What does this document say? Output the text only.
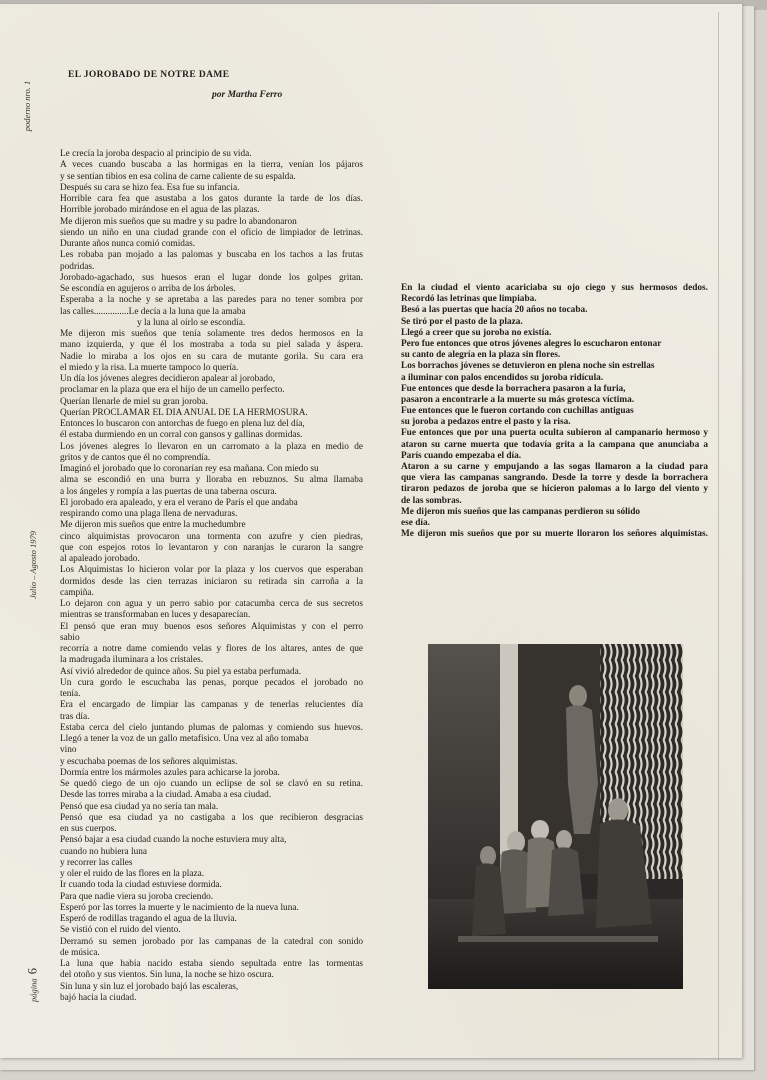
poderno nro. 1
Julio – Agosto 1979
página 6
EL JOROBADO DE NOTRE DAME
por Martha Ferro
Le crecía la joroba despacio al principio de su vida.
A veces cuando buscaba a las hormigas en la tierra, venían los pájaros
y se sentían tibios en esa colina de carne caliente de su espalda.
Después su cara se hizo fea. Esa fue su infancia.
Horrible cara fea que asustaba a los gatos durante la tarde de los días.
Horrible jorobado mirándose en el agua de las plazas.
Me dijeron mis sueños que su madre y su padre lo abandonaron
siendo un niño en una ciudad grande con el oficio de limpiador de letrinas.
Durante años nunca comió comidas.
Les robaba pan mojado a las palomas y buscaba en los tachos a las frutas
podridas.
Jorobado-agachado, sus huesos eran el lugar donde los golpes gritan.
Se escondía en agujeros o arriba de los árboles.
Esperaba a la noche y se apretaba a las paredes para no tener sombra por
las calles...............Le decía a la luna que la amaba
y la luna al oírlo se escondía.
Me dijeron mis sueños que tenía solamente tres dedos hermosos en la
mano izquierda, y que él los mostraba a toda su piel salada y áspera.
Nadie lo miraba a los ojos en su cara de mutante gorila. Su cara era
el miedo y la risa. La muerte tampoco lo quería.
Un día los jóvenes alegres decidieron apalear al jorobado,
proclamar en la plaza que era el hijo de un camello perfecto.
Querían llenarle de miel su gran joroba.
Querían PROCLAMAR EL DIA ANUAL DE LA HERMOSURA.
Entonces lo buscaron con antorchas de fuego en plena luz del día,
él estaba durmiendo en un corral con gansos y gallinas dormidas.
Los jóvenes alegres lo llevaron en un carromato a la plaza en medio de
gritos y de cantos que él no comprendía.
Imaginó el jorobado que lo coronarían rey esa mañana. Con miedo su
alma se escondió en una burra y lloraba en rebuznos. Su alma llamaba
a los ángeles y rompía a las puertas de una taberna oscura.
El jorobado era apaleado, y era el verano de París el que andaba
respirando como una plaga llena de nervaduras.
Me dijeron mis sueños que entre la muchedumbre
cinco alquimistas provocaron una tormenta con azufre y cien piedras,
que con espejos rotos lo levantaron y con naranjas le curaron la sangre
al apaleado jorobado.
Los Alquimistas lo hicieron volar por la plaza y los cuervos que esperaban
dormidos desde las cien terrazas iniciaron su retirada sin carroña a la
campiña.
Lo dejaron con agua y un perro sabio por catacumba cerca de sus secretos
mientras se transformaban en luces y desaparecían.
El pensó que eran muy buenos esos señores Alquimistas y con el perro
sabio
recorría a notre dame comiendo velas y flores de los altares, antes de que
la madrugada iluminara a los cristales.
Así vivió alrededor de quince años. Su piel ya estaba perfumada.
Un cura gordo le escuchaba las penas, porque pecados el jorobado no
tenía.
Era el encargado de limpiar las campanas y de tenerlas relucientes día
tras día.
Estaba cerca del cielo juntando plumas de palomas y comiendo sus huevos.
Llegó a tener la voz de un gallo metafísico. Una vez al año tomaba
vino
y escuchaba poemas de los señores alquimistas.
Dormía entre los mármoles azules para achicarse la joroba.
Se quedó ciego de un ojo cuando un eclipse de sol se clavó en su retina.
Desde las torres miraba a la ciudad. Amaba a esa ciudad.
Pensó que esa ciudad ya no sería tan mala.
Pensó que esa ciudad ya no castigaba a los que recibieron desgracias
en sus cuerpos.
Pensó bajar a esa ciudad cuando la noche estuviera muy alta,
cuando no hubiera luna
y recorrer las calles
y oler el ruido de las flores en la plaza.
Ir cuando toda la ciudad estuviese dormida.
Para que nadie viera su joroba creciendo.
Esperó por las torres la muerte y le nacimiento de la nueva luna.
Esperó de rodillas tragando el agua de la lluvia.
Se vistió con el ruido del viento.
Derramó su semen jorobado por las campanas de la catedral con sonido
de música.
La luna que había nacido estaba siendo sepultada entre las tormentas
del otoño y sus vientos. Sin luna, la noche se hizo oscura.
Sin luna y sin luz el jorobado bajó las escaleras,
bajó hacia la ciudad.
En la ciudad el viento acariciaba su ojo ciego y sus hermosos dedos.
Recordó las letrinas que limpiaba.
Besó a las puertas que hacía 20 años no tocaba.
Se tiró por el pasto de la plaza.
Llegó a creer que su joroba no existía.
Pero fue entonces que otros jóvenes alegres lo escucharon entonar
su canto de alegría en la plaza sin flores.
Los borrachos jóvenes se detuvieron en plena noche sin estrellas
a iluminar con palos encendidos su joroba ridícula.
Fue entonces que desde la borrachera pasaron a la furia,
pasaron a encontrarle a la muerte su más grotesca víctima.
Fue entonces que le fueron cortando con cuchillas antiguas
su joroba a pedazos entre el pasto y la risa.
Fue entonces que por una puerta oculta subieron al campanario hermoso y
ataron su carne muerta que todavía grita a la campana que anunciaba a
París cuando empezaba el día.
Ataron a su carne y empujando a las sogas llamaron a la ciudad para
que viera las campanas sangrando. Desde la torre y desde la borrachera
tiraron pedazos de joroba que se hicieron palomas a lo largo del viento y
de las sombras.
Me dijeron mis sueños que las campanas perdieron su sólido
ese día.
Me dijeron mis sueños que por su muerte lloraron los señores alquimistas.
